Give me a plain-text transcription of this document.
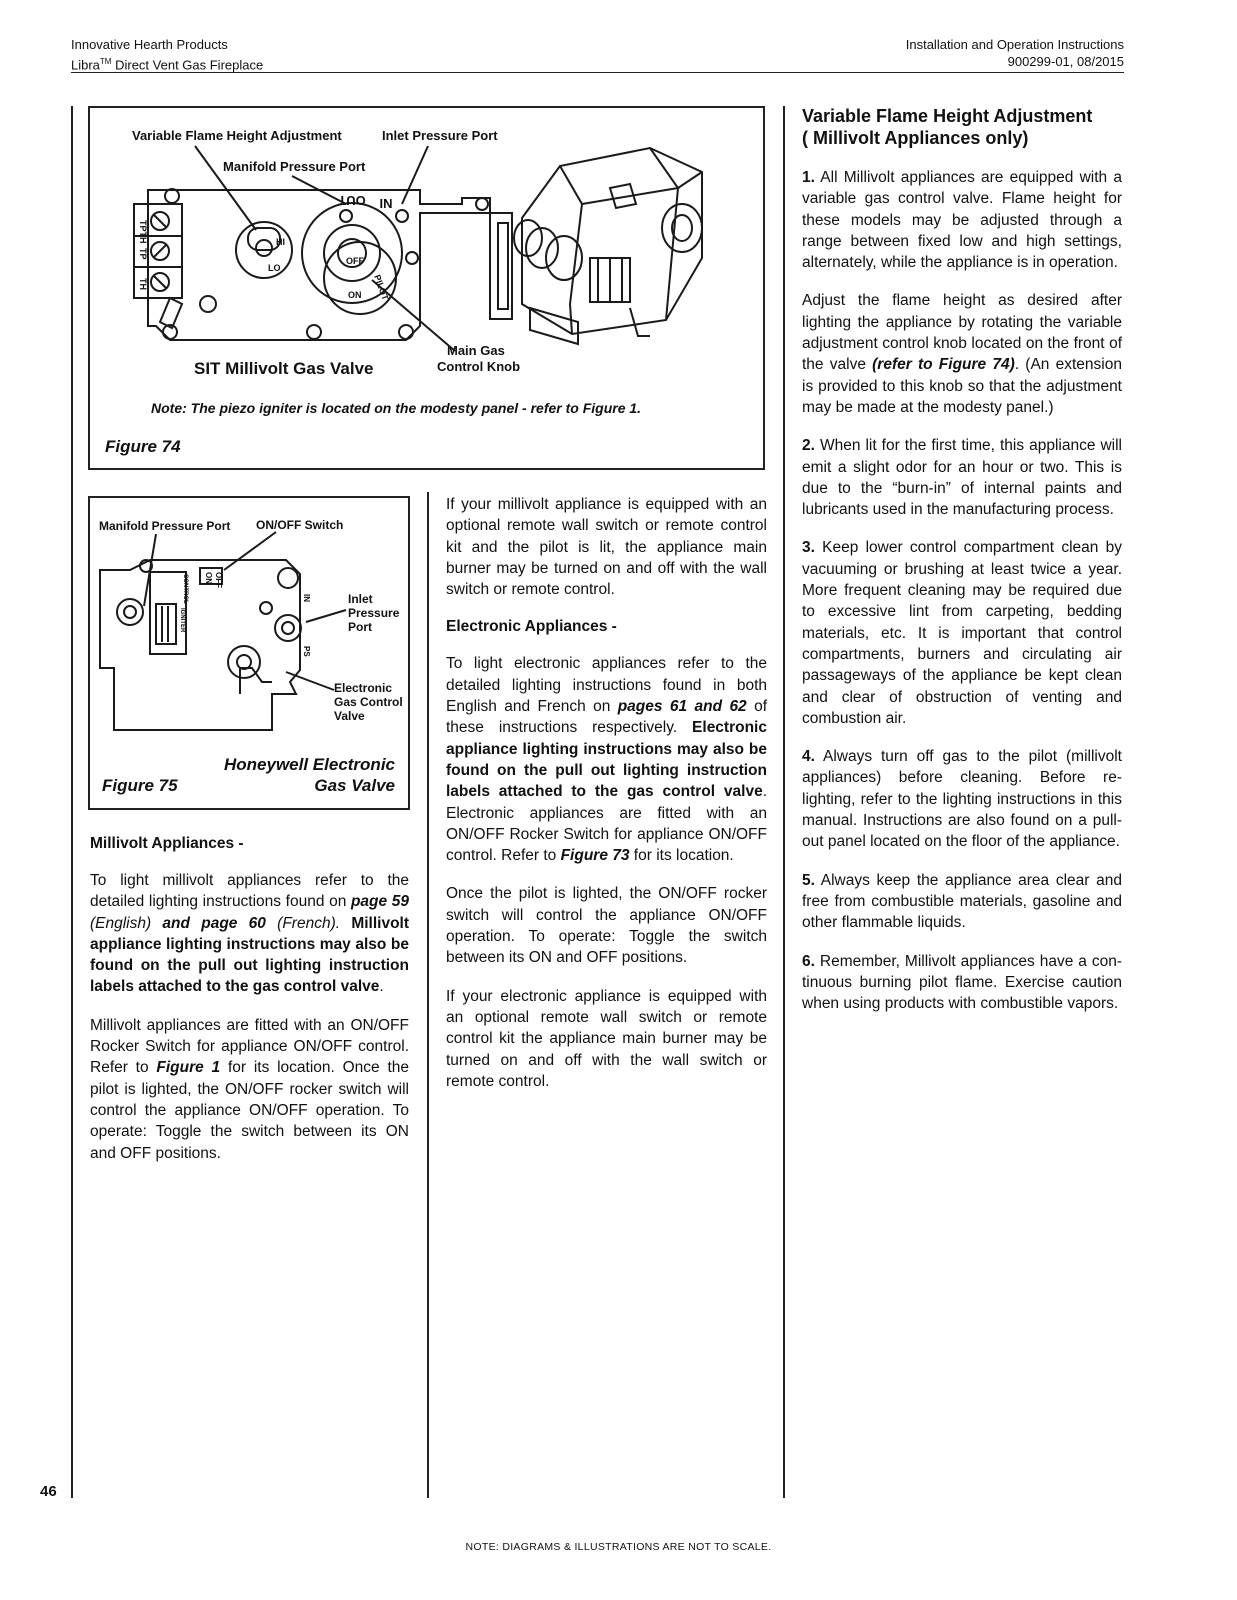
Innovative Hearth Products
Libra™ Direct Vent Gas Fireplace
Installation and Operation Instructions
900299-01, 08/2015
Variable Flame Height Adjustment	Inlet Pressure Port
Manifold Pressure Port
Main Gas
Control Knob
SIT Millivolt Gas Valve
Note: The piezo igniter is located on the modesty panel - refer to Figure 1.
Figure 74
OUT IN
TPTH
TP
TH
HI
LO
OFF
ON PILOT
Manifold Pressure Port ON/OFF Switch
Inlet
Pressure
Port
Electronic
Gas Control
Valve
Honeywell Electronic
Gas Valve
Figure 75
OFF
ON
CONTROL
IGNITER
IN
PS
Millivolt Appliances -

To light millivolt appliances refer to the detailed lighting instructions found on page 59 (English) and page 60 (French). Millivolt appliance lighting instructions may also be found on the pull out lighting instruction labels attached to the gas control valve.

Millivolt appliances are fitted with an ON/OFF Rocker Switch for appliance ON/OFF control. Refer to Figure 1 for its location. Once the pilot is lighted, the ON/OFF rocker switch will control the appliance ON/OFF operation. To operate: Toggle the switch between its ON and OFF positions.

If your millivolt appliance is equipped with an optional remote wall switch or remote control kit and the pilot is lit, the appliance main burner may be turned on and off with the wall switch or remote control.

Electronic Appliances -

To light electronic appliances refer to the detailed lighting instructions found in both English and French on pages 61 and 62 of these instructions respectively. Electronic appliance lighting instructions may also be found on the pull out lighting instruction labels attached to the gas control valve. Electronic appliances are fitted with an ON/OFF Rocker Switch for appliance ON/OFF control. Refer to Figure 73 for its location.

Once the pilot is lighted, the ON/OFF rocker switch will control the appliance ON/OFF operation. To operate: Toggle the switch between its ON and OFF positions.

If your electronic appliance is equipped with an optional remote wall switch or remote control kit the appliance main burner may be turned on and off with the wall switch or remote control.

Variable Flame Height Adjustment
( Millivolt Appliances only)

1. All Millivolt appliances are equipped with a variable gas control valve. Flame height for these models may be adjusted through a range between fixed low and high settings, alternately, while the appliance is in operation.

Adjust the flame height as desired after lighting the appliance by rotating the variable adjustment control knob located on the front of the valve (refer to Figure 74). (An extension is provided to this knob so that the adjustment may be made at the modesty panel.)

2. When lit for the first time, this appliance will emit a slight odor for an hour or two. This is due to the “burn-in” of internal paints and lubricants used in the manufacturing process.

3. Keep lower control compartment clean by vacuuming or brushing at least twice a year. More frequent cleaning may be required due to excessive lint from carpeting, bedding materials, etc. It is important that control compartments, burners and circulating air passageways of the appliance be kept clean and clear of obstruction of venting and combustion air.

4. Always turn off gas to the pilot (millivolt appliances) before cleaning. Before re-lighting, refer to the lighting instructions in this manual. Instructions are also found on a pull-out panel located on the floor of the appliance.

5. Always keep the appliance area clear and free from combustible materials, gasoline and other flammable liquids.

6. Remember, Millivolt appliances have a con-tinuous burning pilot flame. Exercise caution when using products with combustible vapors.

46
NOTE: DIAGRAMS & ILLUSTRATIONS ARE NOT TO SCALE.
